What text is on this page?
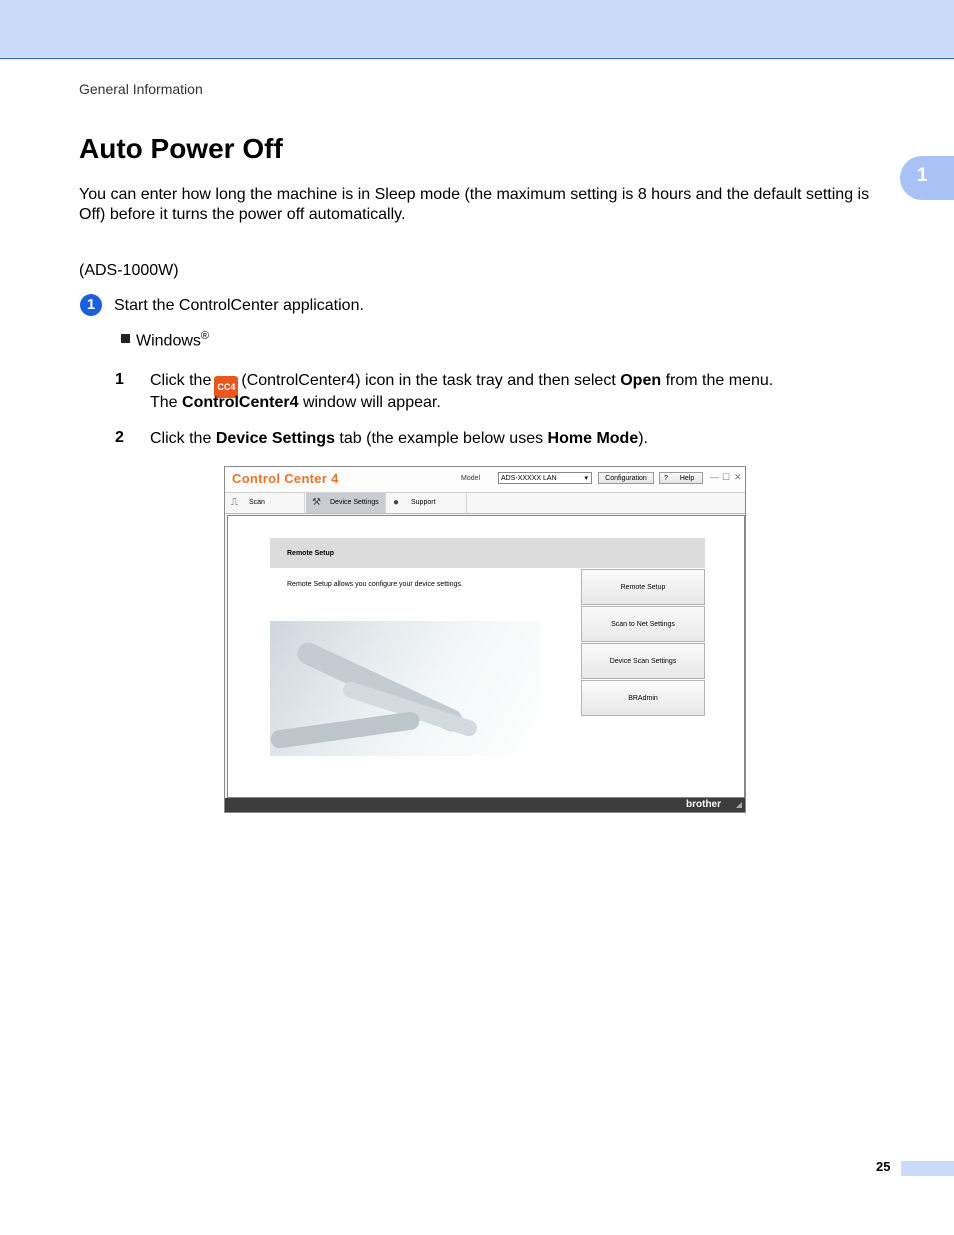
General Information
1
Auto Power Off

You can enter how long the machine is in Sleep mode (the maximum setting is 8 hours and the default setting is Off) before it turns the power off automatically.

(ADS-1000W)
1	Start the ControlCenter application.
Windows®
1 Click the CC4 (ControlCenter4) icon in the task tray and then select Open from the menu.
The ControlCenter4 window will appear.
2 Click the Device Settings tab (the example below uses Home Mode).
Control Center 4	Model	ADS-XXXXX LAN	▾	Configuration	? Help	— ☐ ✕
⎍ Scan	⚒ Device Settings	● Support
Remote Setup
Remote Setup allows you configure your device settings.	Remote Setup
Scan to Net Settings
Device Scan Settings
BRAdmin
brother ◢
25
